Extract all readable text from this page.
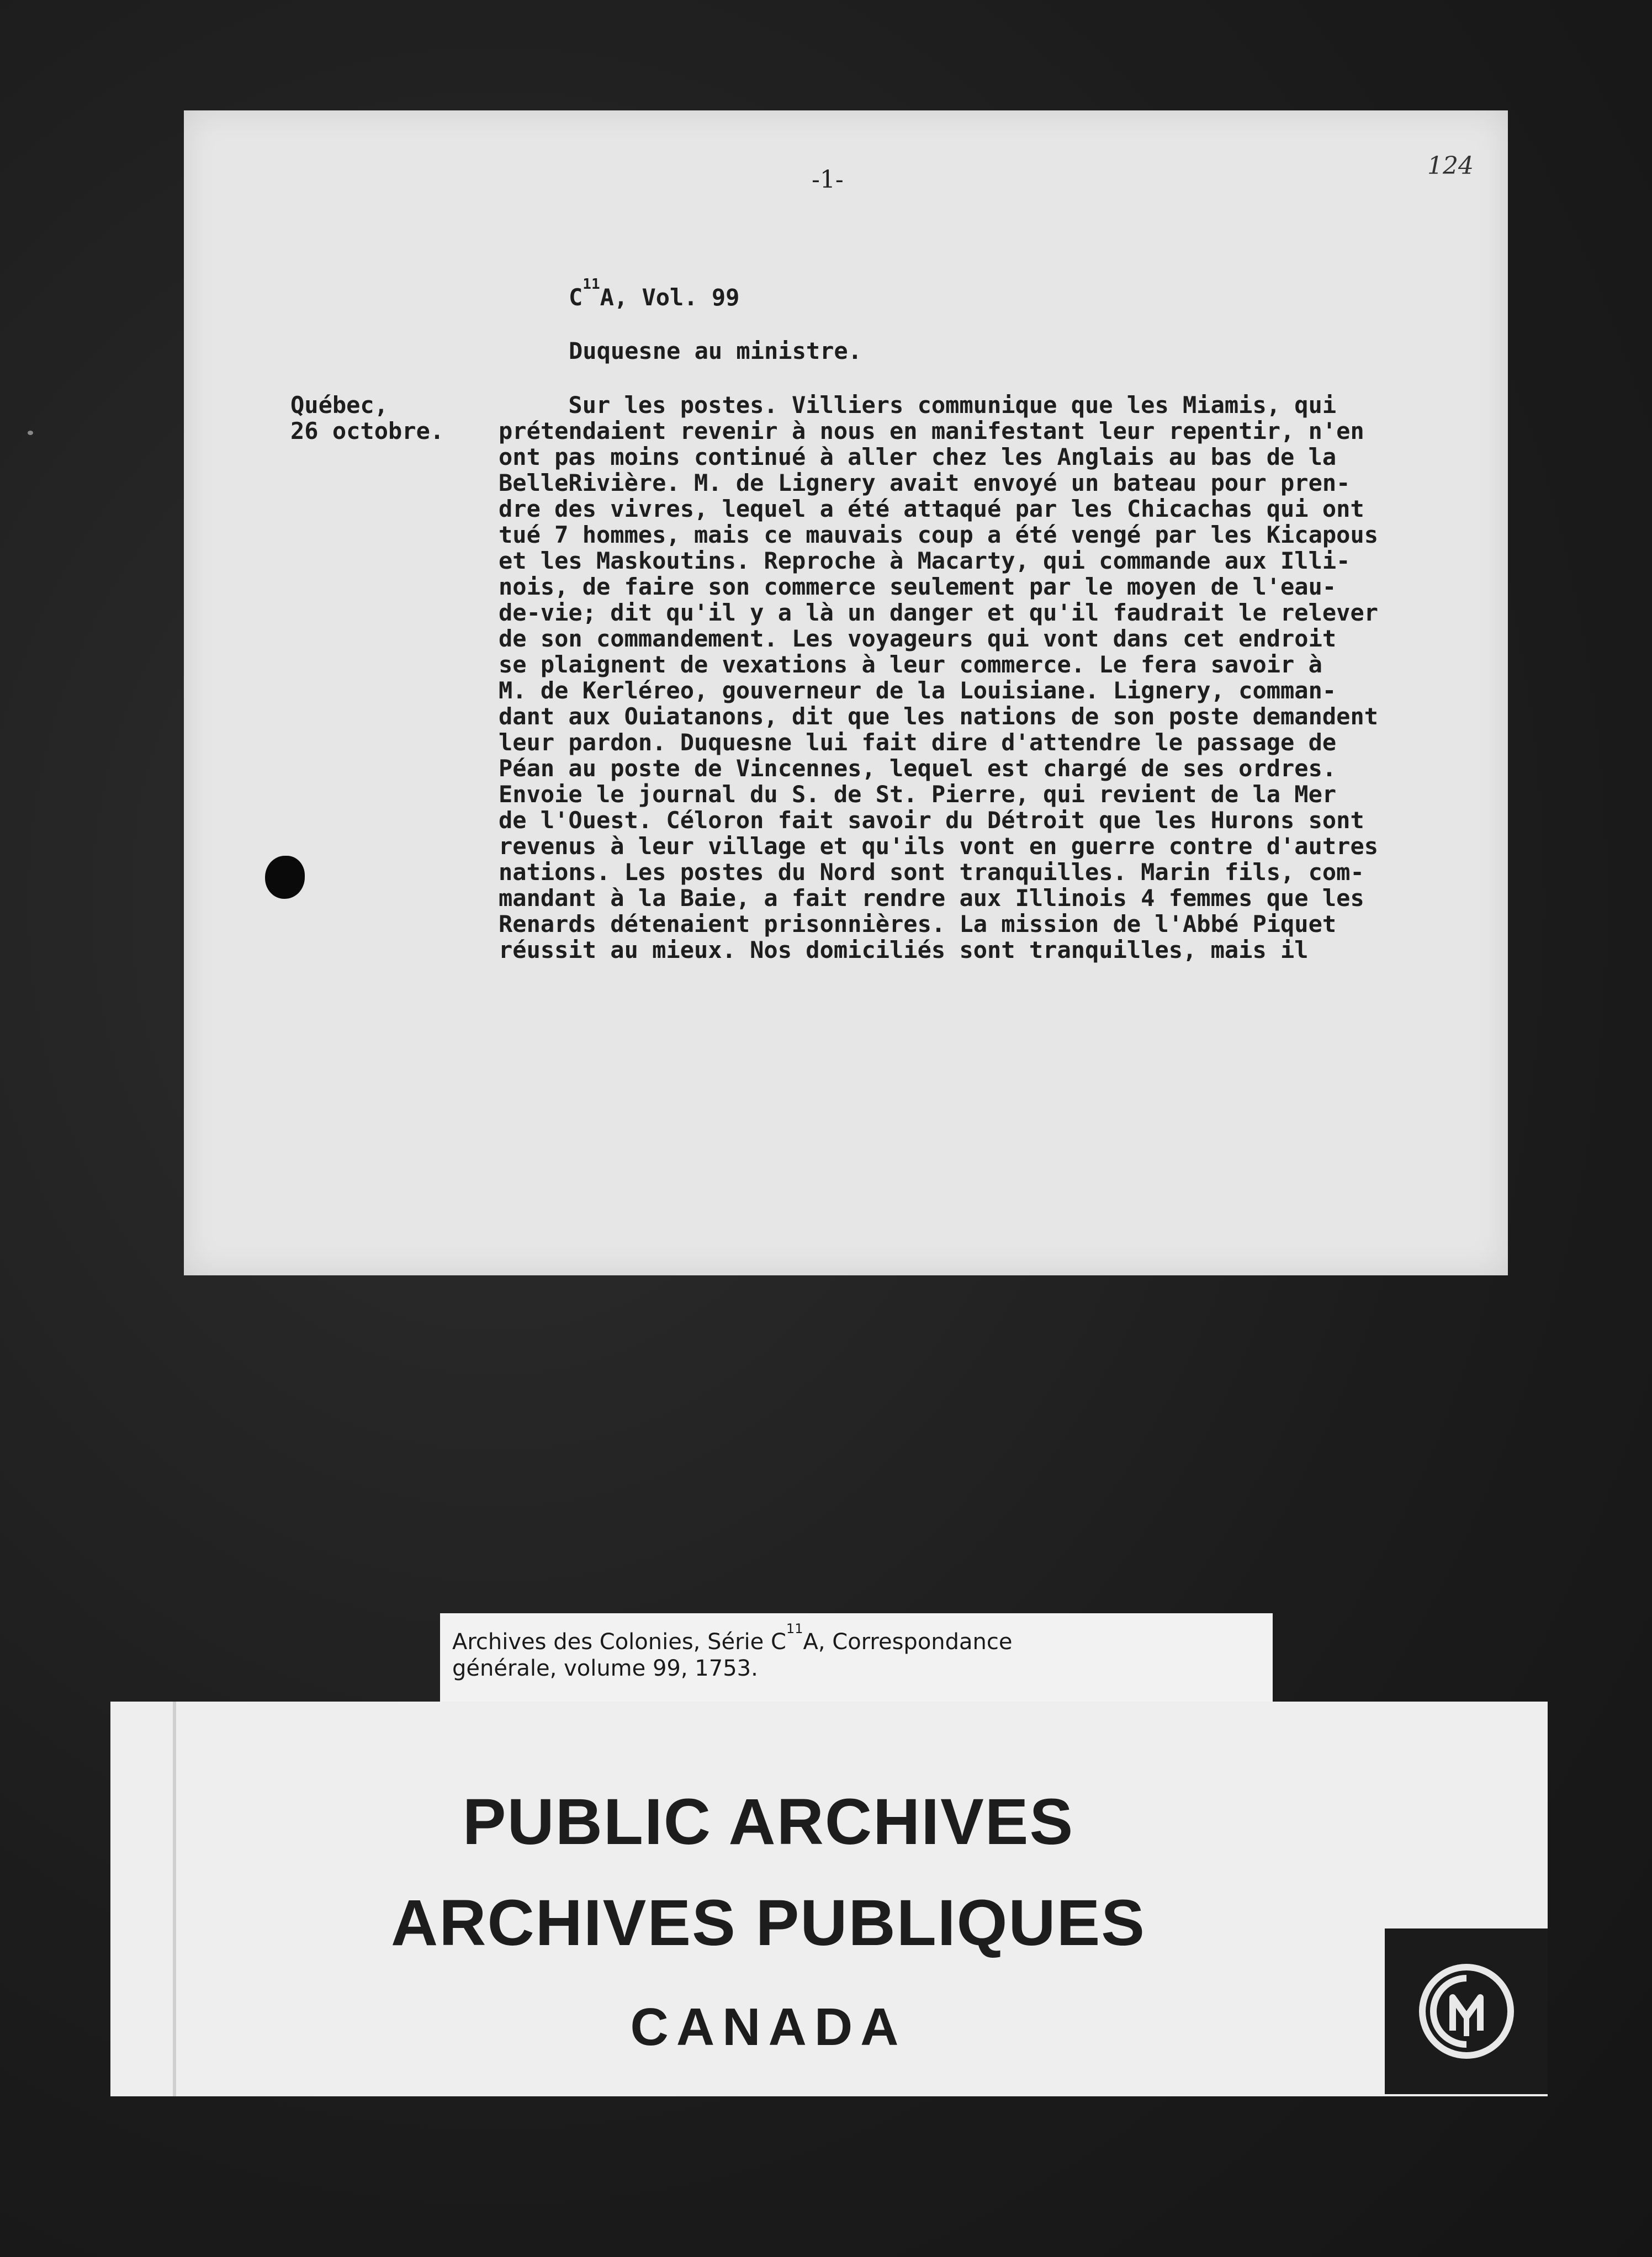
-1-	124
$C^{11}A$, Vol. 99
Duquesne au ministre.
Québec,
26 octobre.
Sur les postes. Villiers communique que les Miamis, qui
prétendaient revenir à nous en manifestant leur repentir, n'en
ont pas moins continué à aller chez les Anglais au bas de la
BelleRivière. M. de Lignery avait envoyé un bateau pour pren-
dre des vivres, lequel a été attaqué par les Chicachas qui ont
tué 7 hommes, mais ce mauvais coup a été vengé par les Kicapous
et les Maskoutins. Reproche à Macarty, qui commande aux Illi-
nois, de faire son commerce seulement par le moyen de l'eau-
de-vie; dit qu'il y a là un danger et qu'il faudrait le relever
de son commandement. Les voyageurs qui vont dans cet endroit
se plaignent de vexations à leur commerce. Le fera savoir à
M. de Kerléreo, gouverneur de la Louisiane. Lignery, comman-
dant aux Ouiatanons, dit que les nations de son poste demandent
leur pardon. Duquesne lui fait dire d'attendre le passage de
Péan au poste de Vincennes, lequel est chargé de ses ordres.
Envoie le journal du S. de St. Pierre, qui revient de la Mer
de l'Ouest. Céloron fait savoir du Détroit que les Hurons sont
revenus à leur village et qu'ils vont en guerre contre d'autres
nations. Les postes du Nord sont tranquilles. Marin fils, com-
mandant à la Baie, a fait rendre aux Illinois 4 femmes que les
Renards détenaient prisonnières. La mission de l'Abbé Piquet
réussit au mieux. Nos domiciliés sont tranquilles, mais il
Archives des Colonies, Série $C^{11}A$, Correspondance
générale, volume 99, 1753.
PUBLIC ARCHIVES
ARCHIVES PUBLIQUES
CANADA
